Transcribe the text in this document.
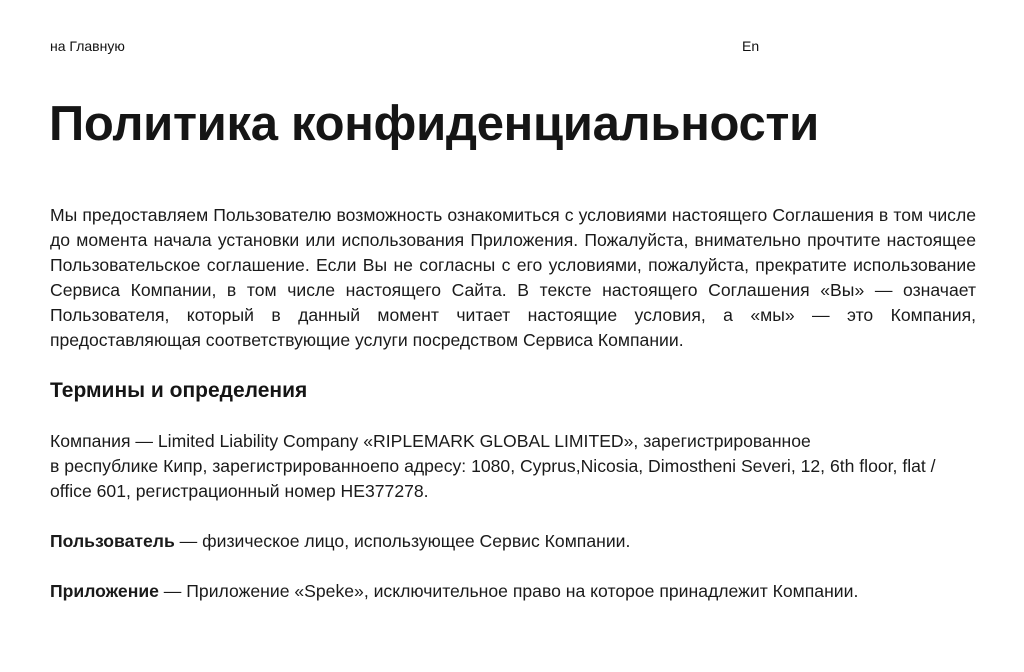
на Главную	En
Политика конфиденциальности

Мы предоставляем Пользователю возможность ознакомиться с условиями настоящего Соглашения в том числе до момента начала установки или использования Приложения. Пожалуйста, внимательно прочтите настоящее Пользовательское соглашение. Если Вы не согласны с его условиями, пожалуйста, прекратите использование Сервиса Компании, в том числе настоящего Сайта. В тексте настоящего Соглашения «Вы» — означает Пользователя, который в данный момент читает настоящие условия, а «мы» — это Компания, предоставляющая соответствующие услуги посредством Сервиса Компании.

Термины и определения

Компания — Limited Liability Company «RIPLEMARK GLOBAL LIMITED», зарегистрированное
в республике Кипр, зарегистрированноепо адресу: 1080, Cyprus,Nicosia, Dimostheni Severi, 12, 6th floor, flat / office 601, регистрационный номер HE377278.

Пользователь — физическое лицо, использующее Сервис Компании.

Приложение — Приложение «Speke», исключительное право на которое принадлежит Компании.
